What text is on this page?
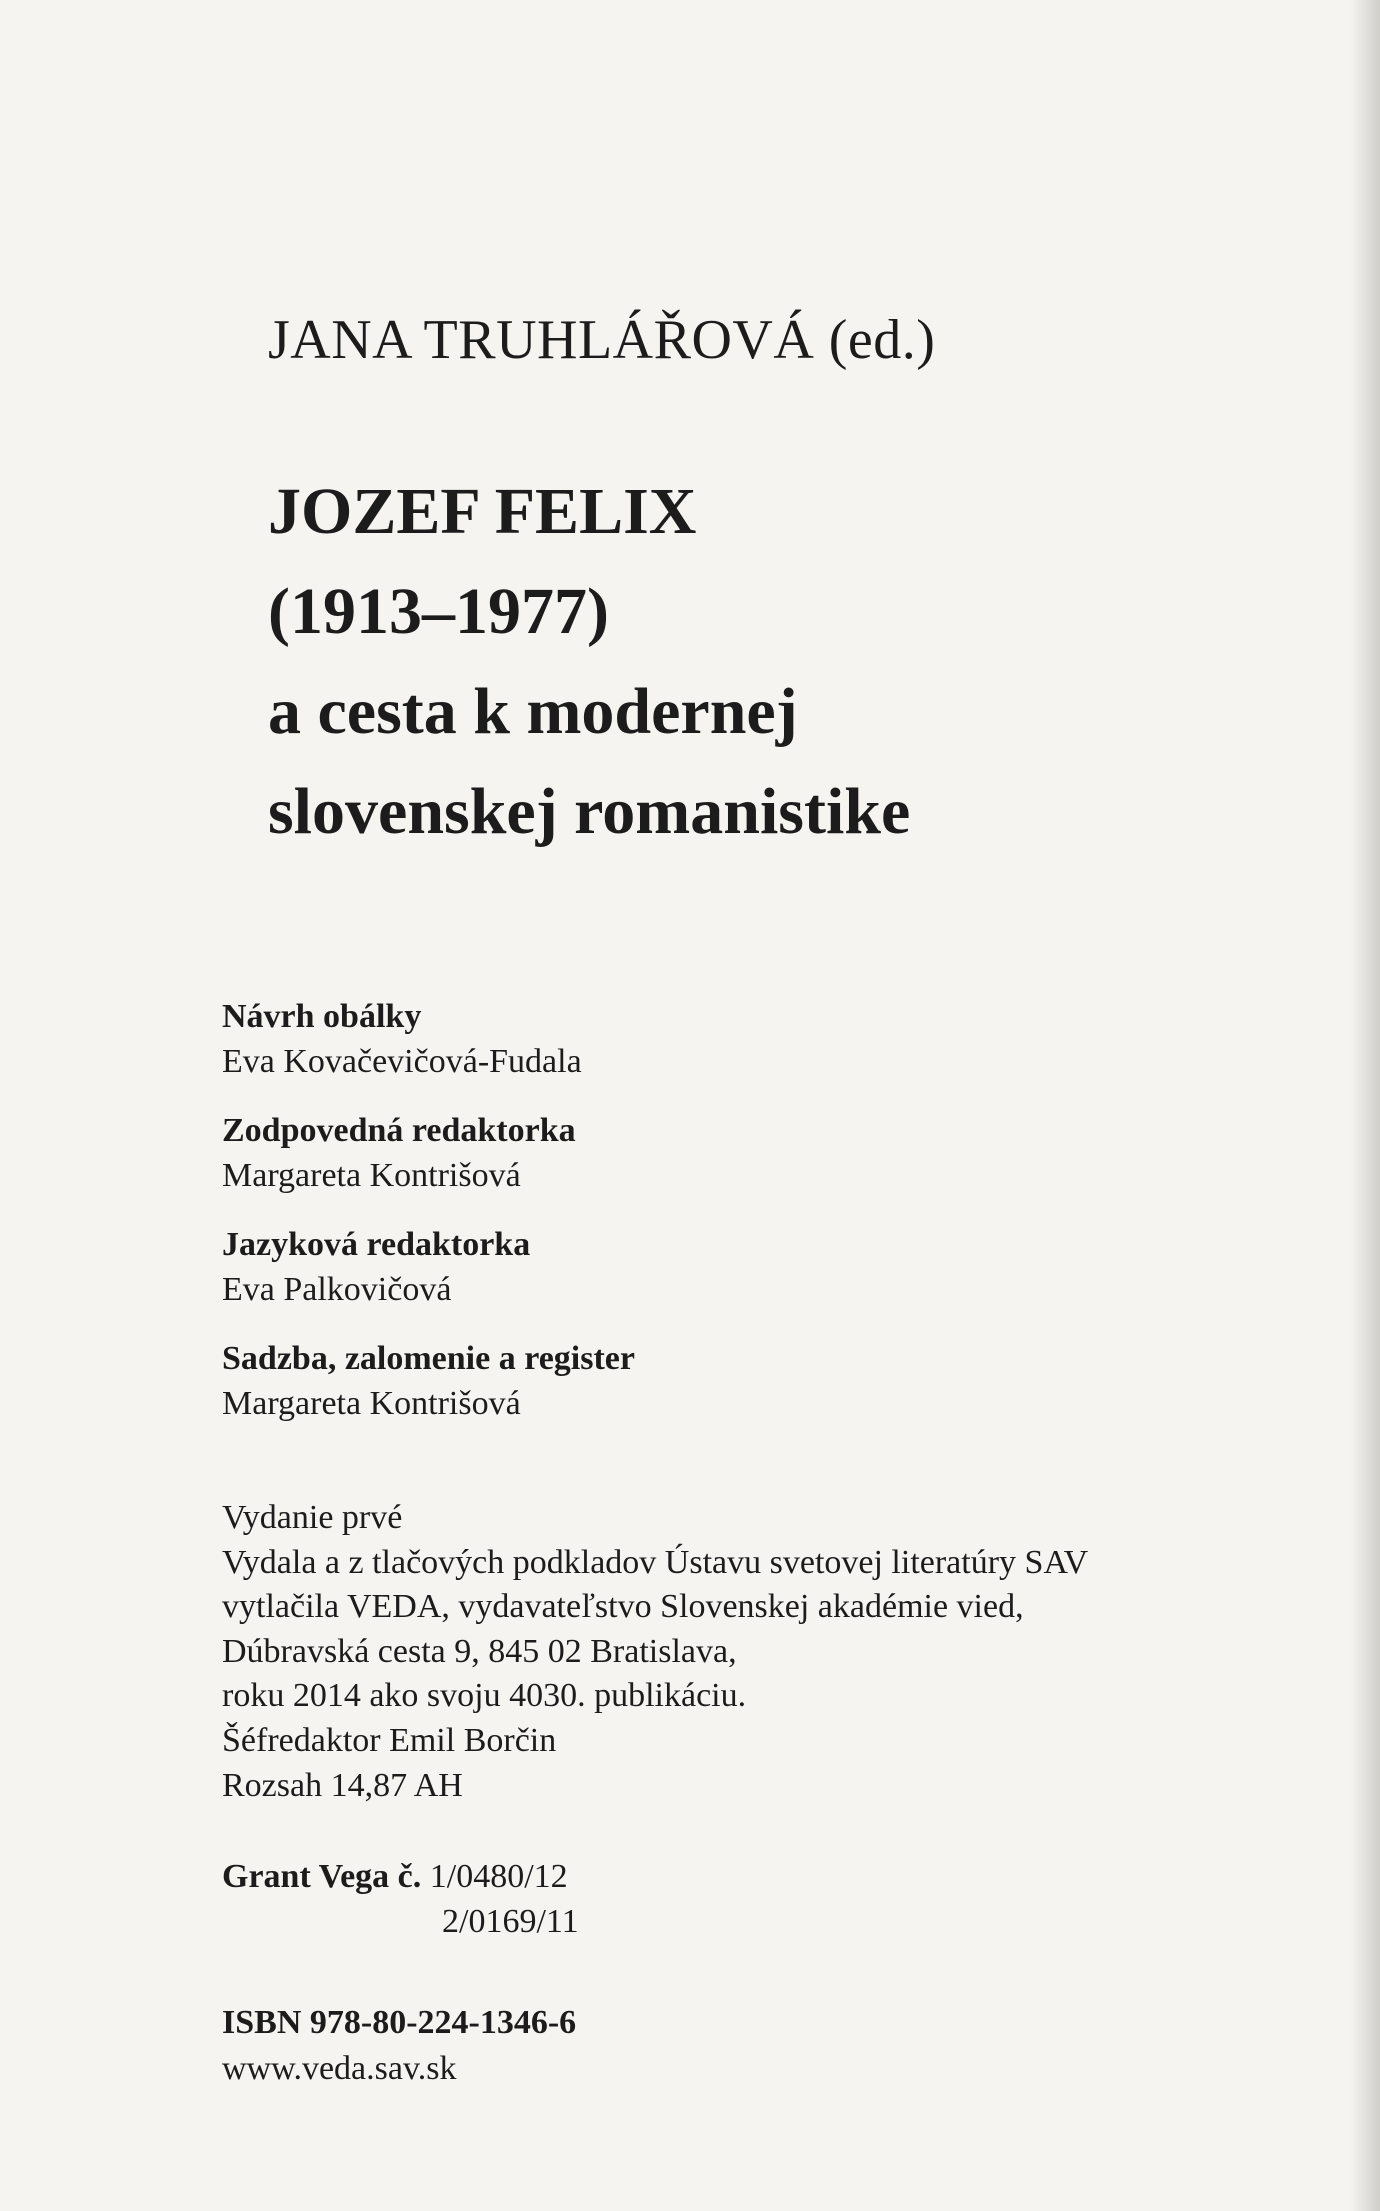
JANA TRUHLÁŘOVÁ (ed.)
JOZEF FELIX
(1913–1977)
a cesta k modernej
slovenskej romanistike
Návrh obálky
Eva Kovačevičová-Fudala
Zodpovedná redaktorka
Margareta Kontrišová
Jazyková redaktorka
Eva Palkovičová
Sadzba, zalomenie a register
Margareta Kontrišová
Vydanie prvé
Vydala a z tlačových podkladov Ústavu svetovej literatúry SAV
vytlačila VEDA, vydavateľstvo Slovenskej akadémie vied,
Dúbravská cesta 9, 845 02 Bratislava,
roku 2014 ako svoju 4030. publikáciu.
Šéfredaktor Emil Borčin
Rozsah 14,87 AH
Grant Vega č. 1/0480/12
2/0169/11
ISBN 978-80-224-1346-6
www.veda.sav.sk
